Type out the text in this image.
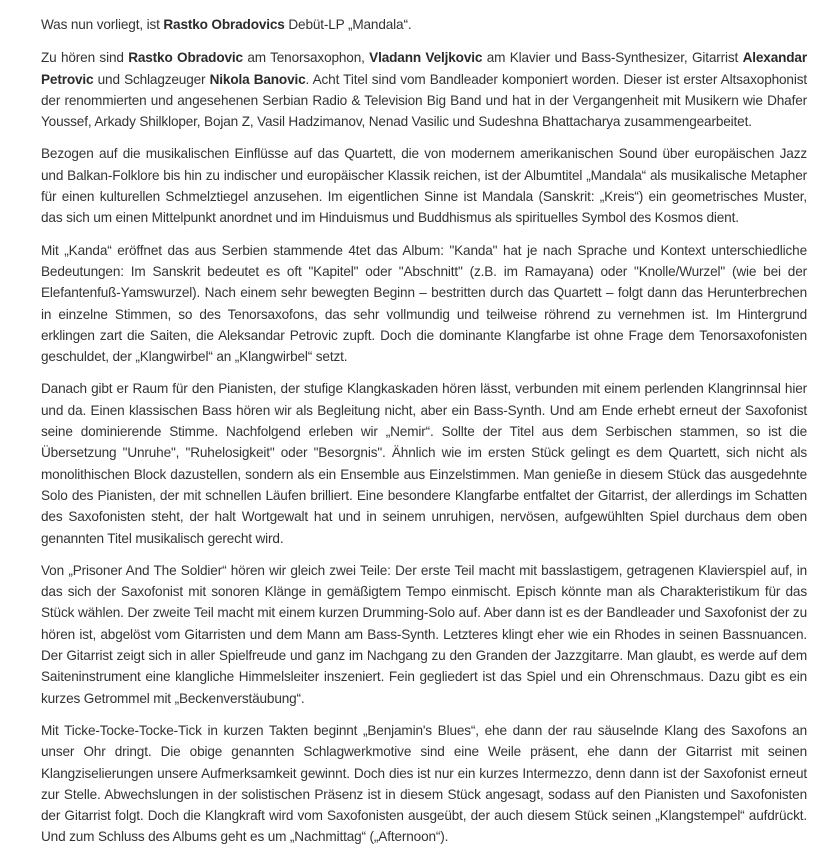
Was nun vorliegt, ist Rastko Obradovics Debüt-LP „Mandala“.

Zu hören sind Rastko Obradovic am Tenorsaxophon, Vladann Veljkovic am Klavier und Bass-Synthesizer, Gitarrist Alexandar Petrovic und Schlagzeuger Nikola Banovic. Acht Titel sind vom Bandleader komponiert worden. Dieser ist erster Altsaxophonist der renommierten und angesehenen Serbian Radio & Television Big Band und hat in der Vergangenheit mit Musikern wie Dhafer Youssef, Arkady Shilkloper, Bojan Z, Vasil Hadzimanov, Nenad Vasilic und Sudeshna Bhattacharya zusammengearbeitet.

Bezogen auf die musikalischen Einflüsse auf das Quartett, die von modernem amerikanischen Sound über europäischen Jazz und Balkan-Folklore bis hin zu indischer und europäischer Klassik reichen, ist der Albumtitel „Mandala“ als musikalische Metapher für einen kulturellen Schmelztiegel anzusehen. Im eigentlichen Sinne ist Mandala (Sanskrit: „Kreis“) ein geometrisches Muster, das sich um einen Mittelpunkt anordnet und im Hinduismus und Buddhismus als spirituelles Symbol des Kosmos dient.

Mit „Kanda“ eröffnet das aus Serbien stammende 4tet das Album: "Kanda" hat je nach Sprache und Kontext unterschiedliche Bedeutungen: Im Sanskrit bedeutet es oft "Kapitel" oder "Abschnitt" (z.B. im Ramayana) oder "Knolle/Wurzel" (wie bei der Elefantenfuß-Yamswurzel). Nach einem sehr bewegten Beginn – bestritten durch das Quartett – folgt dann das Herunterbrechen in einzelne Stimmen, so des Tenorsaxofons, das sehr vollmundig und teilweise röhrend zu vernehmen ist. Im Hintergrund erklingen zart die Saiten, die Aleksandar Petrovic zupft. Doch die dominante Klangfarbe ist ohne Frage dem Tenorsaxofonisten geschuldet, der „Klangwirbel“ an „Klangwirbel“ setzt.

Danach gibt er Raum für den Pianisten, der stufige Klangkaskaden hören lässt, verbunden mit einem perlenden Klangrinnsal hier und da. Einen klassischen Bass hören wir als Begleitung nicht, aber ein Bass-Synth. Und am Ende erhebt erneut der Saxofonist seine dominierende Stimme. Nachfolgend erleben wir „Nemir“. Sollte der Titel aus dem Serbischen stammen, so ist die Übersetzung "Unruhe", "Ruhelosigkeit" oder "Besorgnis". Ähnlich wie im ersten Stück gelingt es dem Quartett, sich nicht als monolithischen Block dazustellen, sondern als ein Ensemble aus Einzelstimmen. Man genieße in diesem Stück das ausgedehnte Solo des Pianisten, der mit schnellen Läufen brilliert. Eine besondere Klangfarbe entfaltet der Gitarrist, der allerdings im Schatten des Saxofonisten steht, der halt Wortgewalt hat und in seinem unruhigen, nervösen, aufgewühlten Spiel durchaus dem oben genannten Titel musikalisch gerecht wird.

Von „Prisoner And The Soldier“ hören wir gleich zwei Teile: Der erste Teil macht mit basslastigem, getragenen Klavierspiel auf, in das sich der Saxofonist mit sonoren Klänge in gemäßigtem Tempo einmischt. Episch könnte man als Charakteristikum für das Stück wählen. Der zweite Teil macht mit einem kurzen Drumming-Solo auf. Aber dann ist es der Bandleader und Saxofonist der zu hören ist, abgelöst vom Gitarristen und dem Mann am Bass-Synth. Letzteres klingt eher wie ein Rhodes in seinen Bassnuancen. Der Gitarrist zeigt sich in aller Spielfreude und ganz im Nachgang zu den Granden der Jazzgitarre. Man glaubt, es werde auf dem Saiteninstrument eine klangliche Himmelsleiter inszeniert. Fein gegliedert ist das Spiel und ein Ohrenschmaus. Dazu gibt es ein kurzes Getrommel mit „Beckenverstäubung“.

Mit Ticke-Tocke-Tocke-Tick in kurzen Takten beginnt „Benjamin's Blues“, ehe dann der rau säuselnde Klang des Saxofons an unser Ohr dringt. Die obige genannten Schlagwerkmotive sind eine Weile präsent, ehe dann der Gitarrist mit seinen Klangziselierungen unsere Aufmerksamkeit gewinnt. Doch dies ist nur ein kurzes Intermezzo, denn dann ist der Saxofonist erneut zur Stelle. Abwechslungen in der solistischen Präsenz ist in diesem Stück angesagt, sodass auf den Pianisten und Saxofonisten der Gitarrist folgt. Doch die Klangkraft wird vom Saxofonisten ausgeübt, der auch diesem Stück seinen „Klangstempel“ aufdrückt. Und zum Schluss des Albums geht es um „Nachmittag“ („Afternoon“).
